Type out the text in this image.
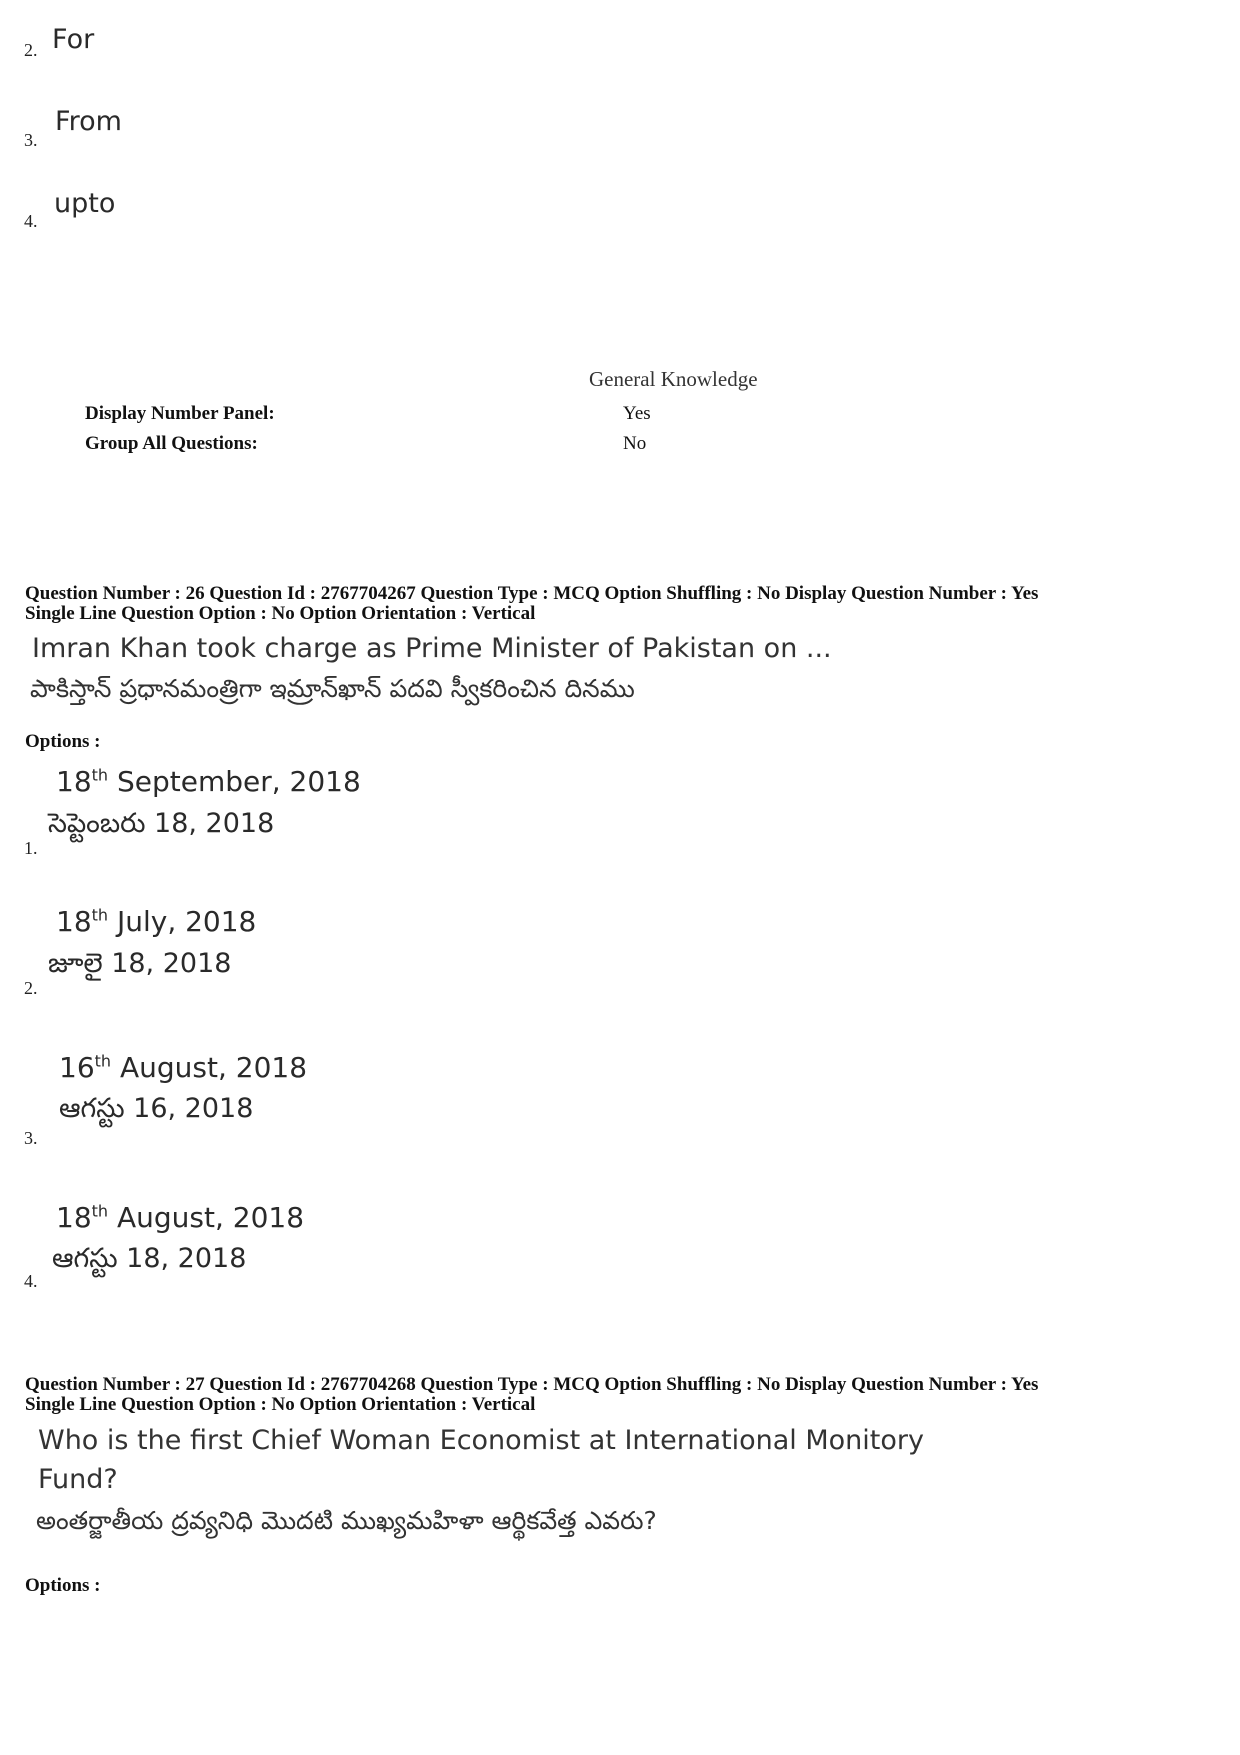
2. For
3.
From
4.
upto
General Knowledge
Display Number Panel:	Yes
Group All Questions:	No
Question Number : 26 Question Id : 2767704267 Question Type : MCQ Option Shuffling : No Display Question Number : Yes
Single Line Question Option : No Option Orientation : Vertical
Imran Khan took charge as Prime Minister of Pakistan on ...
పాకిస్తాన్ ప్రధానమంత్రిగా ఇమ్రాన్‌ఖాన్ పదవి స్వీకరించిన దినము
Options :
18th September, 2018
సెప్టెంబరు 18, 2018
1.
18th July, 2018
జూలై 18, 2018
2.
16th August, 2018
ఆగస్టు 16, 2018
3.
18th August, 2018
ఆగస్టు 18, 2018
4.
Question Number : 27 Question Id : 2767704268 Question Type : MCQ Option Shuffling : No Display Question Number : Yes
Single Line Question Option : No Option Orientation : Vertical
Who is the first Chief Woman Economist at International Monitory
Fund?
అంతర్జాతీయ ద్రవ్యనిధి మొదటి ముఖ్యమహిళా ఆర్థికవేత్త ఎవరు?
Options :
